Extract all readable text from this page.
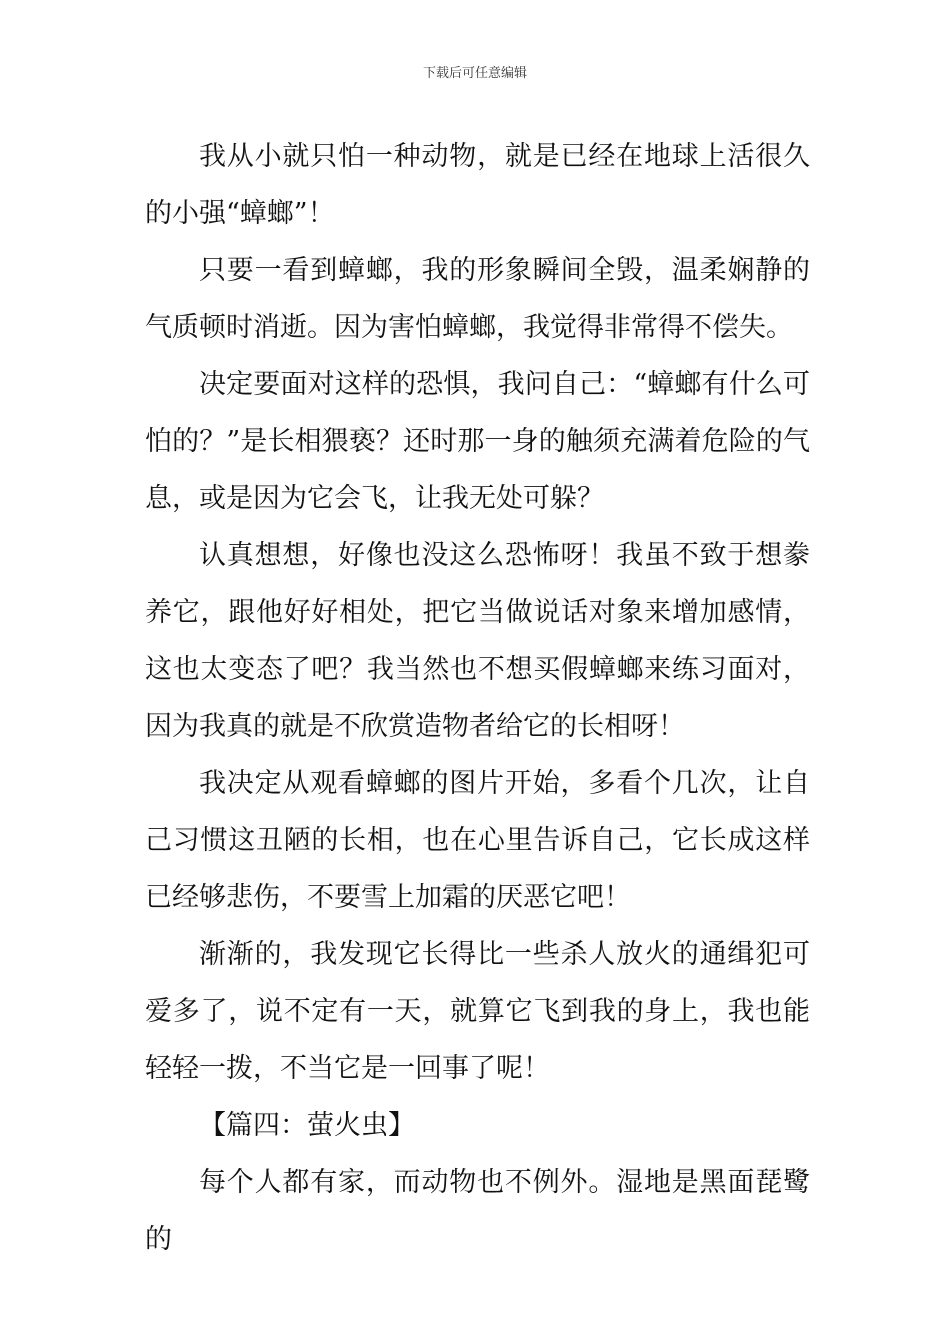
下载后可任意编辑

我从小就只怕一种动物，就是已经在地球上活很久的小强“蟑螂”！

只要一看到蟑螂，我的形象瞬间全毁，温柔娴静的气质顿时消逝。因为害怕蟑螂，我觉得非常得不偿失。

决定要面对这样的恐惧，我问自己：“蟑螂有什么可怕的？”是长相猥亵？还时那一身的触须充满着危险的气息，或是因为它会飞，让我无处可躲？

认真想想，好像也没这么恐怖呀！我虽不致于想豢养它，跟他好好相处，把它当做说话对象来增加感情，这也太变态了吧？我当然也不想买假蟑螂来练习面对，因为我真的就是不欣赏造物者给它的长相呀！

我决定从观看蟑螂的图片开始，多看个几次，让自己习惯这丑陋的长相，也在心里告诉自己，它长成这样已经够悲伤，不要雪上加霜的厌恶它吧！

渐渐的，我发现它长得比一些杀人放火的通缉犯可爱多了，说不定有一天，就算它飞到我的身上，我也能轻轻一拨，不当它是一回事了呢！

【篇四：萤火虫】

每个人都有家，而动物也不例外。湿地是黑面琵鹭的
